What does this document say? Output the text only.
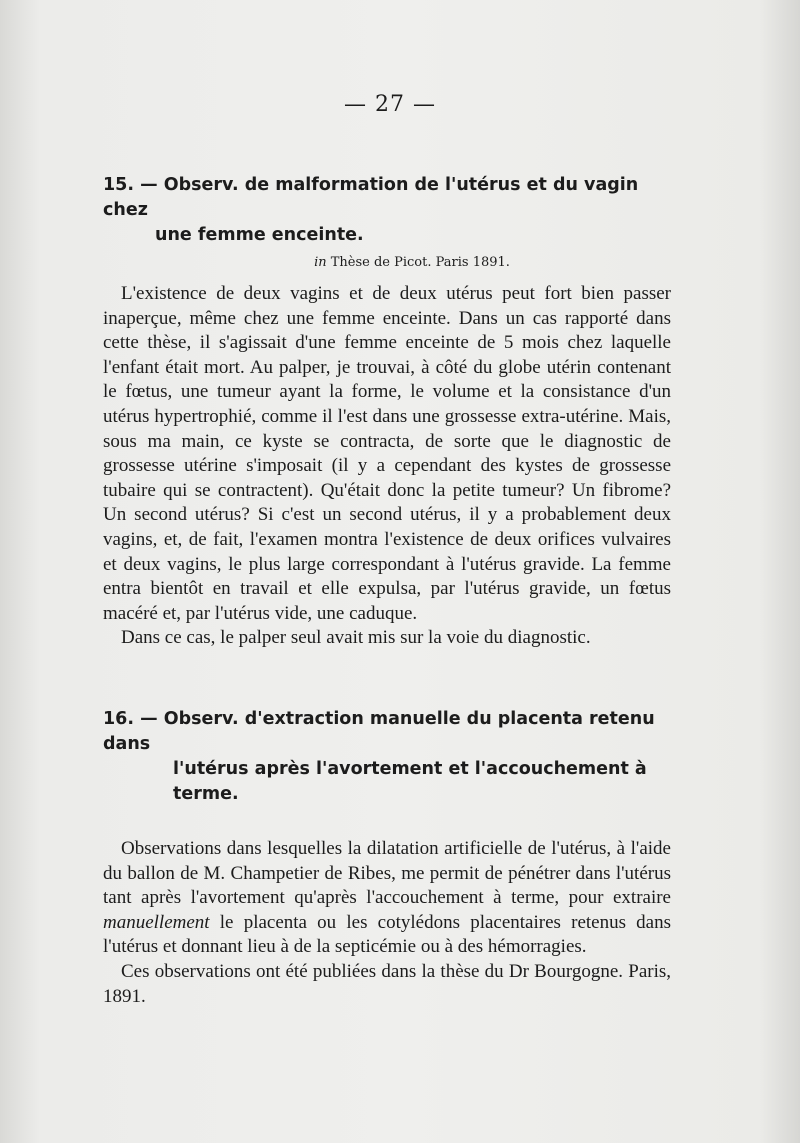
— 27 —
15. — Observ. de malformation de l'utérus et du vagin chez
une femme enceinte.
in Thèse de Picot. Paris 1891.

L'existence de deux vagins et de deux utérus peut fort bien passer inaperçue, même chez une femme enceinte. Dans un cas rapporté dans cette thèse, il s'agissait d'une femme enceinte de 5 mois chez laquelle l'enfant était mort. Au palper, je trouvai, à côté du globe utérin contenant le fœtus, une tumeur ayant la forme, le volume et la consistance d'un utérus hypertrophié, comme il l'est dans une grossesse extra-utérine. Mais, sous ma main, ce kyste se contracta, de sorte que le diagnostic de grossesse utérine s'imposait (il y a cependant des kystes de grossesse tubaire qui se contractent). Qu'était donc la petite tumeur? Un fibrome? Un second utérus? Si c'est un second utérus, il y a probablement deux vagins, et, de fait, l'examen montra l'existence de deux orifices vulvaires et deux vagins, le plus large correspondant à l'utérus gravide. La femme entra bientôt en travail et elle expulsa, par l'utérus gravide, un fœtus macéré et, par l'utérus vide, une caduque.

Dans ce cas, le palper seul avait mis sur la voie du diagnostic.

16. — Observ. d'extraction manuelle du placenta retenu dans
l'utérus après l'avortement et l'accouchement à terme.

Observations dans lesquelles la dilatation artificielle de l'utérus, à l'aide du ballon de M. Champetier de Ribes, me permit de pénétrer dans l'utérus tant après l'avortement qu'après l'accouchement à terme, pour extraire manuellement le placenta ou les cotylédons placentaires retenus dans l'utérus et donnant lieu à de la septicémie ou à des hémorragies.

Ces observations ont été publiées dans la thèse du Dr Bourgogne. Paris, 1891.
